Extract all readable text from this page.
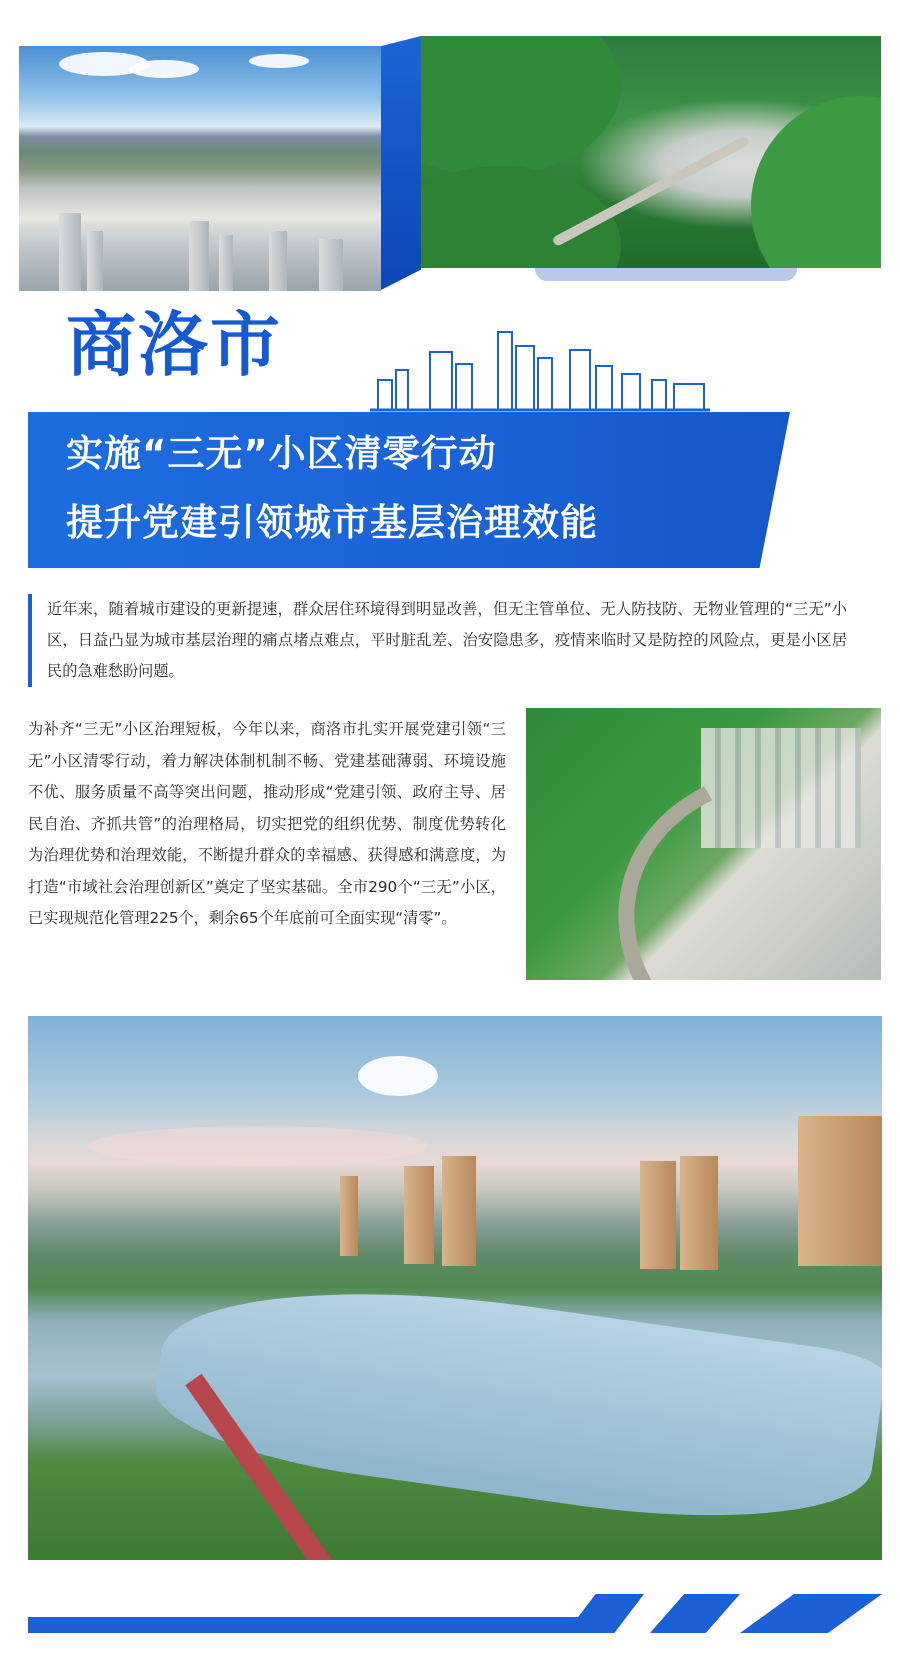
商洛市
实施“三无”小区清零行动
提升党建引领城市基层治理效能
近年来，随着城市建设的更新提速，群众居住环境得到明显改善，但无主管单位、无人防技防、无物业管理的“三无”小区，日益凸显为城市基层治理的痛点堵点难点，平时脏乱差、治安隐患多，疫情来临时又是防控的风险点，更是小区居民的急难愁盼问题。
为补齐“三无”小区治理短板，今年以来，商洛市扎实开展党建引领“三无”小区清零行动，着力解决体制机制不畅、党建基础薄弱、环境设施不优、服务质量不高等突出问题，推动形成“党建引领、政府主导、居民自治、齐抓共管”的治理格局，切实把党的组织优势、制度优势转化为治理优势和治理效能，不断提升群众的幸福感、获得感和满意度，为打造“市域社会治理创新区”奠定了坚实基础。全市290个“三无”小区，已实现规范化管理225个，剩余65个年底前可全面实现“清零”。
